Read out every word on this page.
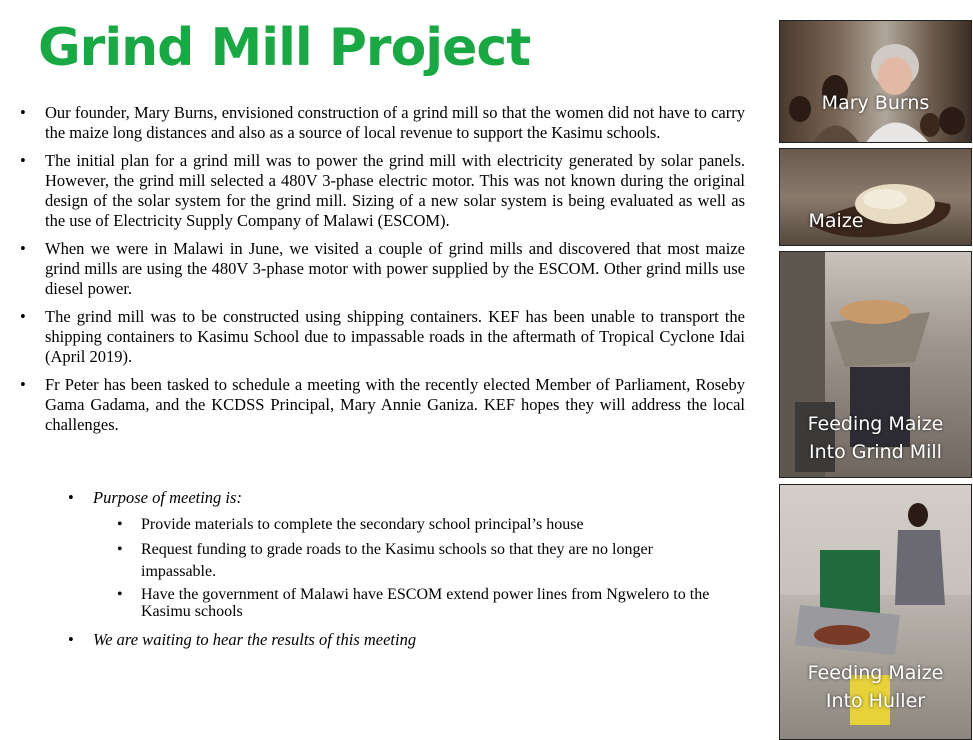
Grind Mill Project
• Our founder, Mary Burns, envisioned construction of a grind mill so that the women did not have to carry the maize long distances and also as a source of local revenue to support the Kasimu schools.
• The initial plan for a grind mill was to power the grind mill with electricity generated by solar panels. However, the grind mill selected a 480V 3-phase electric motor. This was not known during the original design of the solar system for the grind mill. Sizing of a new solar system is being evaluated as well as the use of Electricity Supply Company of Malawi (ESCOM).
• When we were in Malawi in June, we visited a couple of grind mills and discovered that most maize grind mills are using the 480V 3-phase motor with power supplied by the ESCOM. Other grind mills use diesel power.
• The grind mill was to be constructed using shipping containers. KEF has been unable to transport the shipping containers to Kasimu School due to impassable roads in the aftermath of Tropical Cyclone Idai (April 2019).
• Fr Peter has been tasked to schedule a meeting with the recently elected Member of Parliament, Roseby Gama Gadama, and the KCDSS Principal, Mary Annie Ganiza. KEF hopes they will address the local challenges.
• Purpose of meeting is:
• Provide materials to complete the secondary school principal’s house
• Request funding to grade roads to the Kasimu schools so that they are no longer impassable.
• Have the government of Malawi have ESCOM extend power lines from Ngwelero to the Kasimu schools
• We are waiting to hear the results of this meeting
Mary Burns
Maize
Feeding Maize
Into Grind Mill
Feeding Maize
Into Huller
